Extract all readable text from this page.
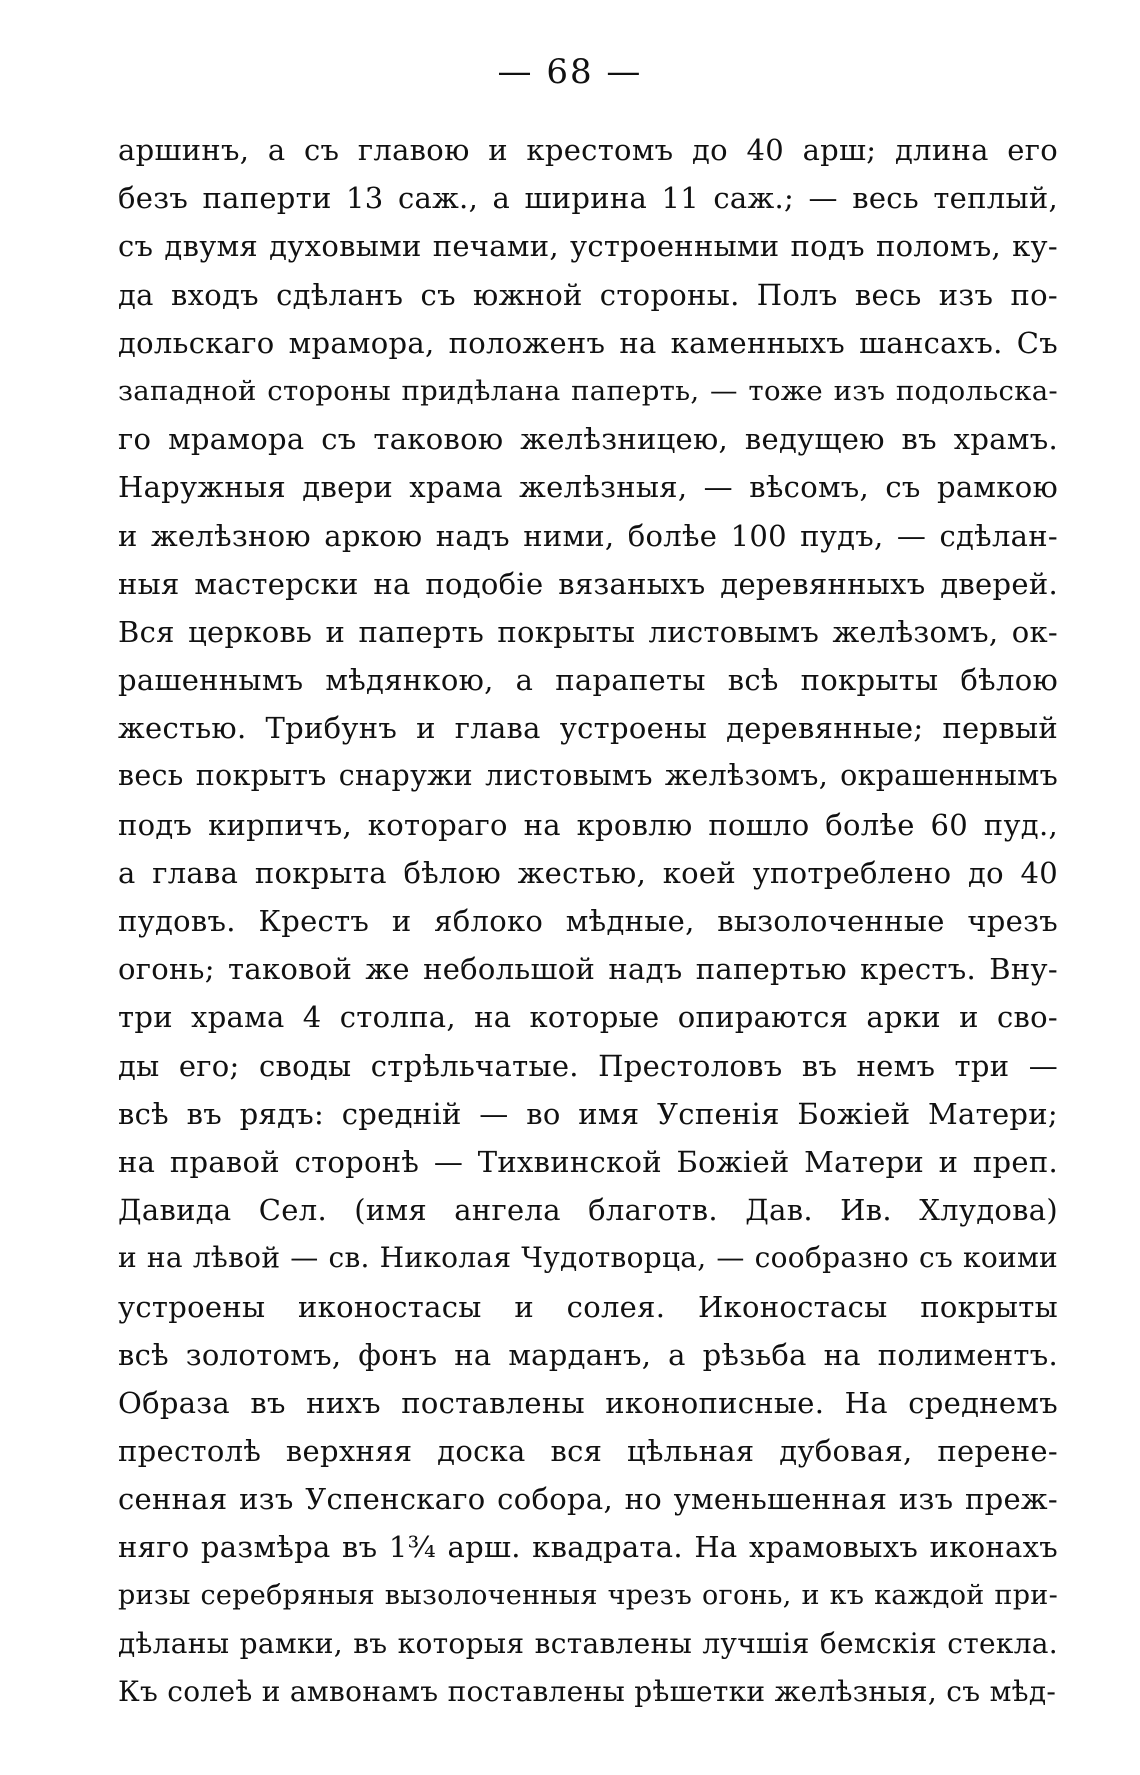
— 68 —
аршинъ, а съ главою и крестомъ до 40 арш; длина его
безъ паперти 13 саж., а ширина 11 саж.; — весь теплый,
съ двумя духовыми печами, устроенными подъ поломъ, ку-
да входъ сдѣланъ съ южной стороны. Полъ весь изъ по-
дольскаго мрамора, положенъ на каменныхъ шансахъ. Съ
западной стороны придѣлана паперть, — тоже изъ подольска-
го мрамора съ таковою желѣзницею, ведущею въ храмъ.
Наружныя двери храма желѣзныя, — вѣсомъ, съ рамкою
и желѣзною аркою надъ ними, болѣе 100 пудъ, — сдѣлан-
ныя мастерски на подобіе вязаныхъ деревянныхъ дверей.
Вся церковь и паперть покрыты листовымъ желѣзомъ, ок-
рашеннымъ мѣдянкою, а парапеты всѣ покрыты бѣлою
жестью. Трибунъ и глава устроены деревянные; первый
весь покрытъ снаружи листовымъ желѣзомъ, окрашеннымъ
подъ кирпичъ, котораго на кровлю пошло болѣе 60 пуд.,
а глава покрыта бѣлою жестью, коей употреблено до 40
пудовъ. Крестъ и яблоко мѣдные, вызолоченные чрезъ
огонь; таковой же небольшой надъ папертью крестъ. Вну-
три храма 4 столпа, на которые опираются арки и сво-
ды его; своды стрѣльчатые. Престоловъ въ немъ три —
всѣ въ рядъ: средній — во имя Успенія Божіей Матери;
на правой сторонѣ — Тихвинской Божіей Матери и преп.
Давида Сел. (имя ангела благотв. Дав. Ив. Хлудова)
и на лѣвой — св. Николая Чудотворца, — сообразно съ коими
устроены иконостасы и солея. Иконостасы покрыты
всѣ золотомъ, фонъ на марданъ, а рѣзьба на полиментъ.
Образа въ нихъ поставлены иконописные. На среднемъ
престолѣ верхняя доска вся цѣльная дубовая, перене-
сенная изъ Успенскаго собора, но уменьшенная изъ преж-
няго размѣра въ 1¾ арш. квадрата. На храмовыхъ иконахъ
ризы серебряныя вызолоченныя чрезъ огонь, и къ каждой при-
дѣланы рамки, въ которыя вставлены лучшія бемскія стекла.
Къ солеѣ и амвонамъ поставлены рѣшетки желѣзныя, съ мѣд-
